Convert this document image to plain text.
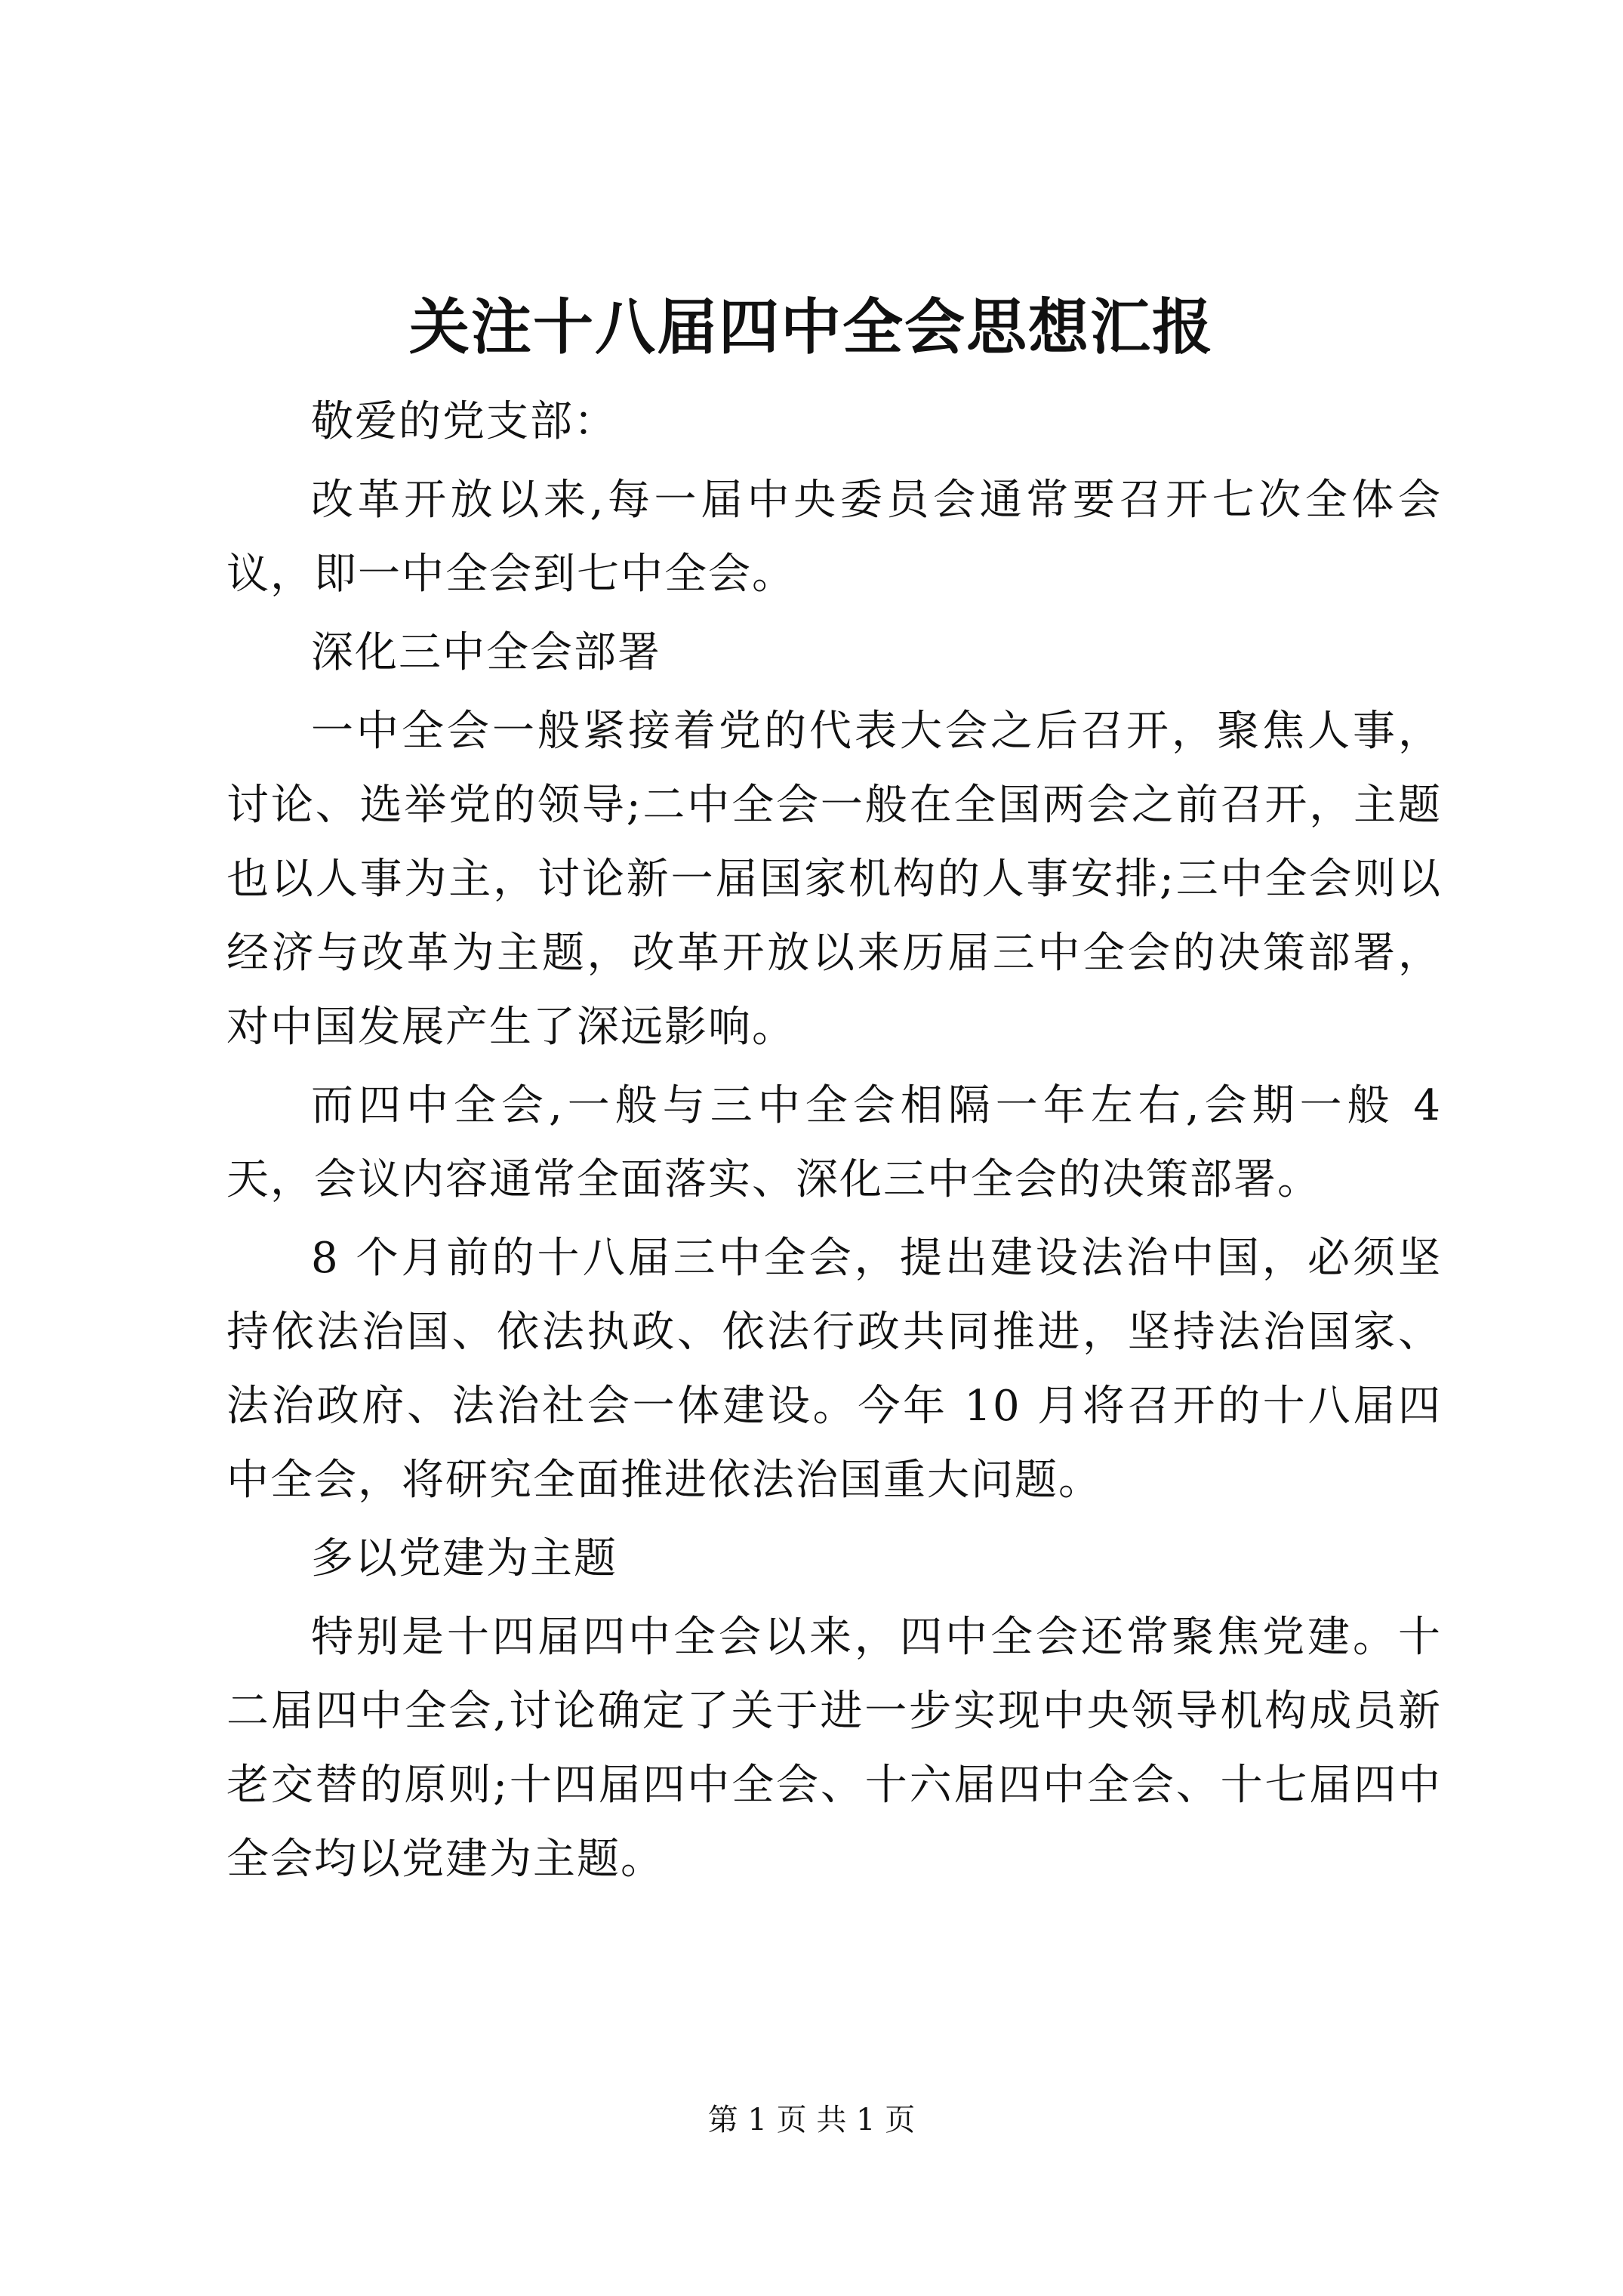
关注十八届四中全会思想汇报

敬爱的党支部：

改革开放以来,每一届中央委员会通常要召开七次全体会议，即一中全会到七中全会。

深化三中全会部署

一中全会一般紧接着党的代表大会之后召开，聚焦人事，讨论、选举党的领导;二中全会一般在全国两会之前召开，主题也以人事为主，讨论新一届国家机构的人事安排;三中全会则以经济与改革为主题，改革开放以来历届三中全会的决策部署，对中国发展产生了深远影响。

而四中全会,一般与三中全会相隔一年左右,会期一般 4 天，会议内容通常全面落实、深化三中全会的决策部署。

8 个月前的十八届三中全会，提出建设法治中国，必须坚持依法治国、依法执政、依法行政共同推进，坚持法治国家、法治政府、法治社会一体建设。今年 10 月将召开的十八届四中全会，将研究全面推进依法治国重大问题。

多以党建为主题

特别是十四届四中全会以来，四中全会还常聚焦党建。十二届四中全会,讨论确定了关于进一步实现中央领导机构成员新老交替的原则;十四届四中全会、十六届四中全会、十七届四中全会均以党建为主题。

第 1 页 共 1 页
